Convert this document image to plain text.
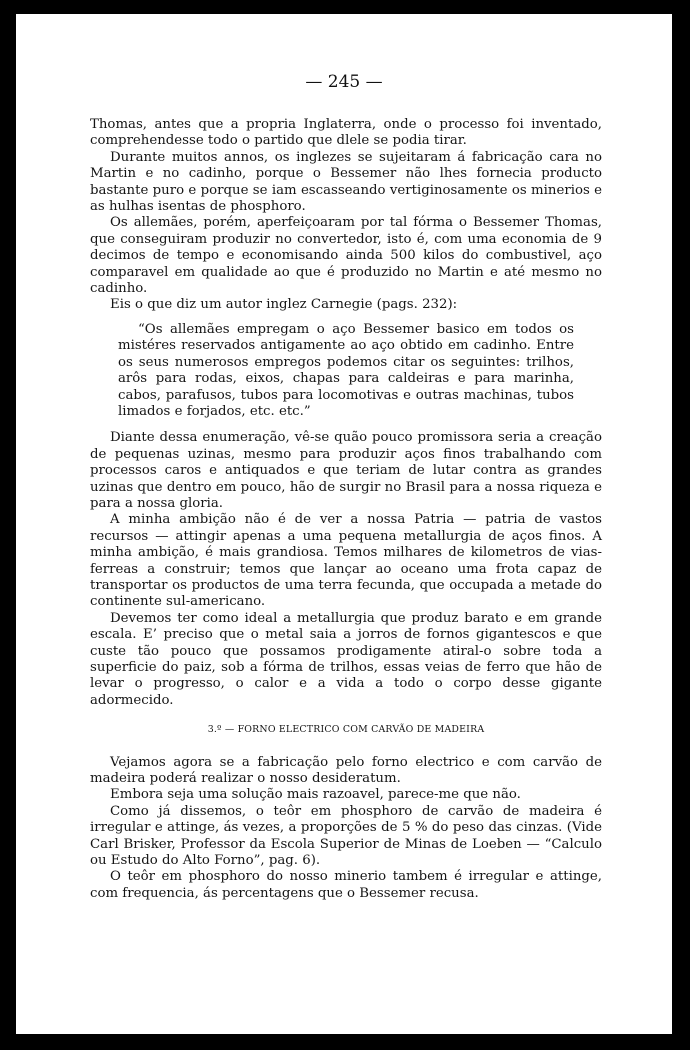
— 245 —

Thomas, antes que a propria Inglaterra, onde o processo foi inventado, comprehendesse todo o partido que dlele se podia tirar.

Durante muitos annos, os inglezes se sujeitaram á fabricação cara no Martin e no cadinho, porque o Bessemer não lhes fornecia producto bastante puro e porque se iam escasseando vertiginosamente os minerios e as hulhas isentas de phosphoro.

Os allemães, porém, aperfeiçoaram por tal fórma o Bessemer Thomas, que conseguiram produzir no convertedor, isto é, com uma economia de 9 decimos de tempo e economisando ainda 500 kilos do combustivel, aço comparavel em qualidade ao que é produzido no Martin e até mesmo no cadinho.

Eis o que diz um autor inglez Carnegie (pags. 232):

“Os allemães empregam o aço Bessemer basico em todos os mistéres reservados antigamente ao aço obtido em cadinho. Entre os seus numerosos empregos podemos citar os seguintes: trilhos, arôs para rodas, eixos, chapas para caldeiras e para marinha, cabos, parafusos, tubos para locomotivas e outras machinas, tubos limados e forjados, etc. etc.”

Diante dessa enumeração, vê-se quão pouco promissora seria a creação de pequenas uzinas, mesmo para produzir aços finos trabalhando com processos caros e antiquados e que teriam de lutar contra as grandes uzinas que dentro em pouco, hão de surgir no Brasil para a nossa riqueza e para a nossa gloria.

A minha ambição não é de ver a nossa Patria — patria de vastos recursos — attingir apenas a uma pequena metallurgia de aços finos. A minha ambição, é mais grandiosa. Temos milhares de kilometros de vias-ferreas a construir; temos que lançar ao oceano uma frota capaz de transportar os productos de uma terra fecunda, que occupada a metade do continente sul-americano.

Devemos ter como ideal a metallurgia que produz barato e em grande escala. E’ preciso que o metal saia a jorros de fornos gigantescos e que custe tão pouco que possamos prodigamente atiral-o sobre toda a superficie do paiz, sob a fórma de trilhos, essas veias de ferro que hão de levar o progresso, o calor e a vida a todo o corpo desse gigante adormecido.

3.º — FORNO ELECTRICO COM CARVÃO DE MADEIRA

Vejamos agora se a fabricação pelo forno electrico e com carvão de madeira poderá realizar o nosso desideratum.

Embora seja uma solução mais razoavel, parece-me que não.

Como já dissemos, o teôr em phosphoro de carvão de madeira é irregular e attinge, ás vezes, a proporções de 5 % do peso das cinzas. (Vide Carl Brisker, Professor da Escola Superior de Minas de Loeben — “Calculo ou Estudo do Alto Forno”, pag. 6).

O teôr em phosphoro do nosso minerio tambem é irregular e attinge, com frequencia, ás percentagens que o Bessemer recusa.
